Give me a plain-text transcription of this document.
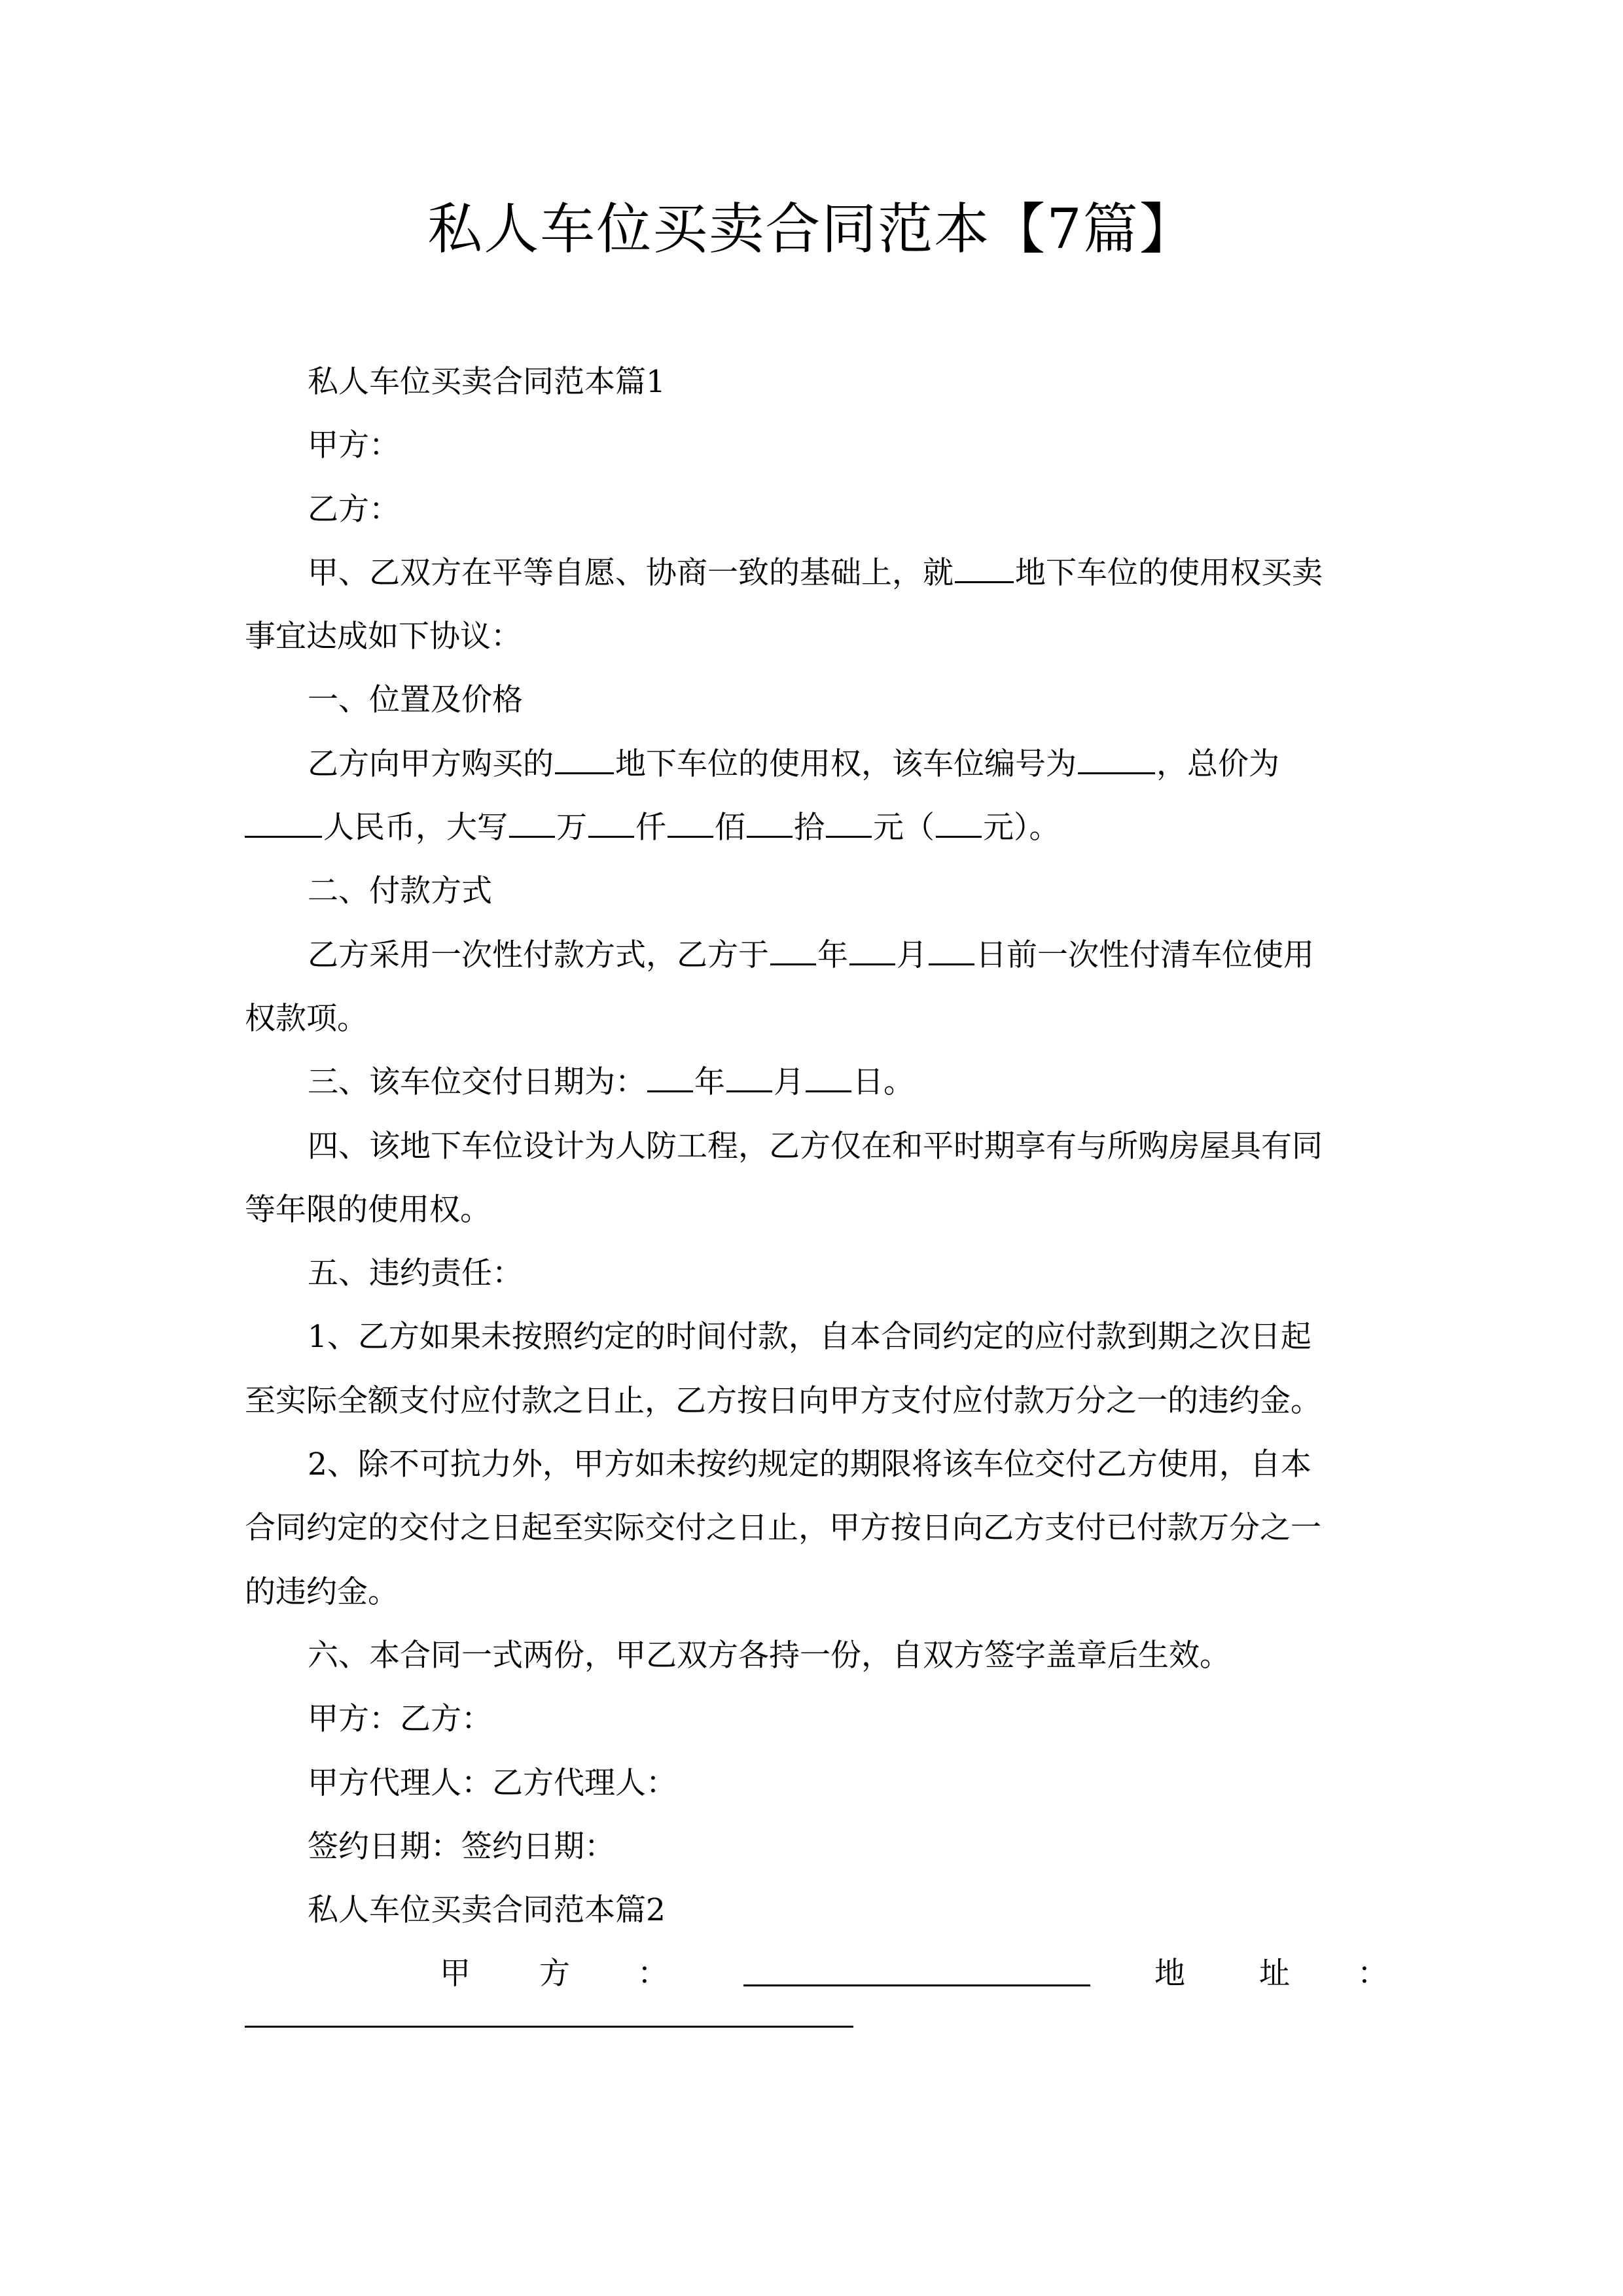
私人车位买卖合同范本【7篇】
私人车位买卖合同范本篇1
甲方：
乙方：
甲、乙双方在平等自愿、协商一致的基础上，就 地下车位的使用权买卖
事宜达成如下协议：
一、位置及价格
乙方向甲方购买的 地下车位的使用权，该车位编号为	，总价为
人民币，大写 万 仟 佰 拾 元（ 元）。
二、付款方式
乙方采用一次性付款方式，乙方于 年 月 日前一次性付清车位使用
权款项。
三、该车位交付日期为： 年 月 日。
四、该地下车位设计为人防工程，乙方仅在和平时期享有与所购房屋具有同
等年限的使用权。
五、违约责任：
1、乙方如果未按照约定的时间付款，自本合同约定的应付款到期之次日起
至实际全额支付应付款之日止，乙方按日向甲方支付应付款万分之一的违约金。
2、除不可抗力外，甲方如未按约规定的期限将该车位交付乙方使用，自本
合同约定的交付之日起至实际交付之日止，甲方按日向乙方支付已付款万分之一
的违约金。
六、本合同一式两份，甲乙双方各持一份，自双方签字盖章后生效。
甲方：乙方：
甲方代理人：乙方代理人：
签约日期：签约日期：
私人车位买卖合同范本篇2
甲 方 ：	地 址 ：
